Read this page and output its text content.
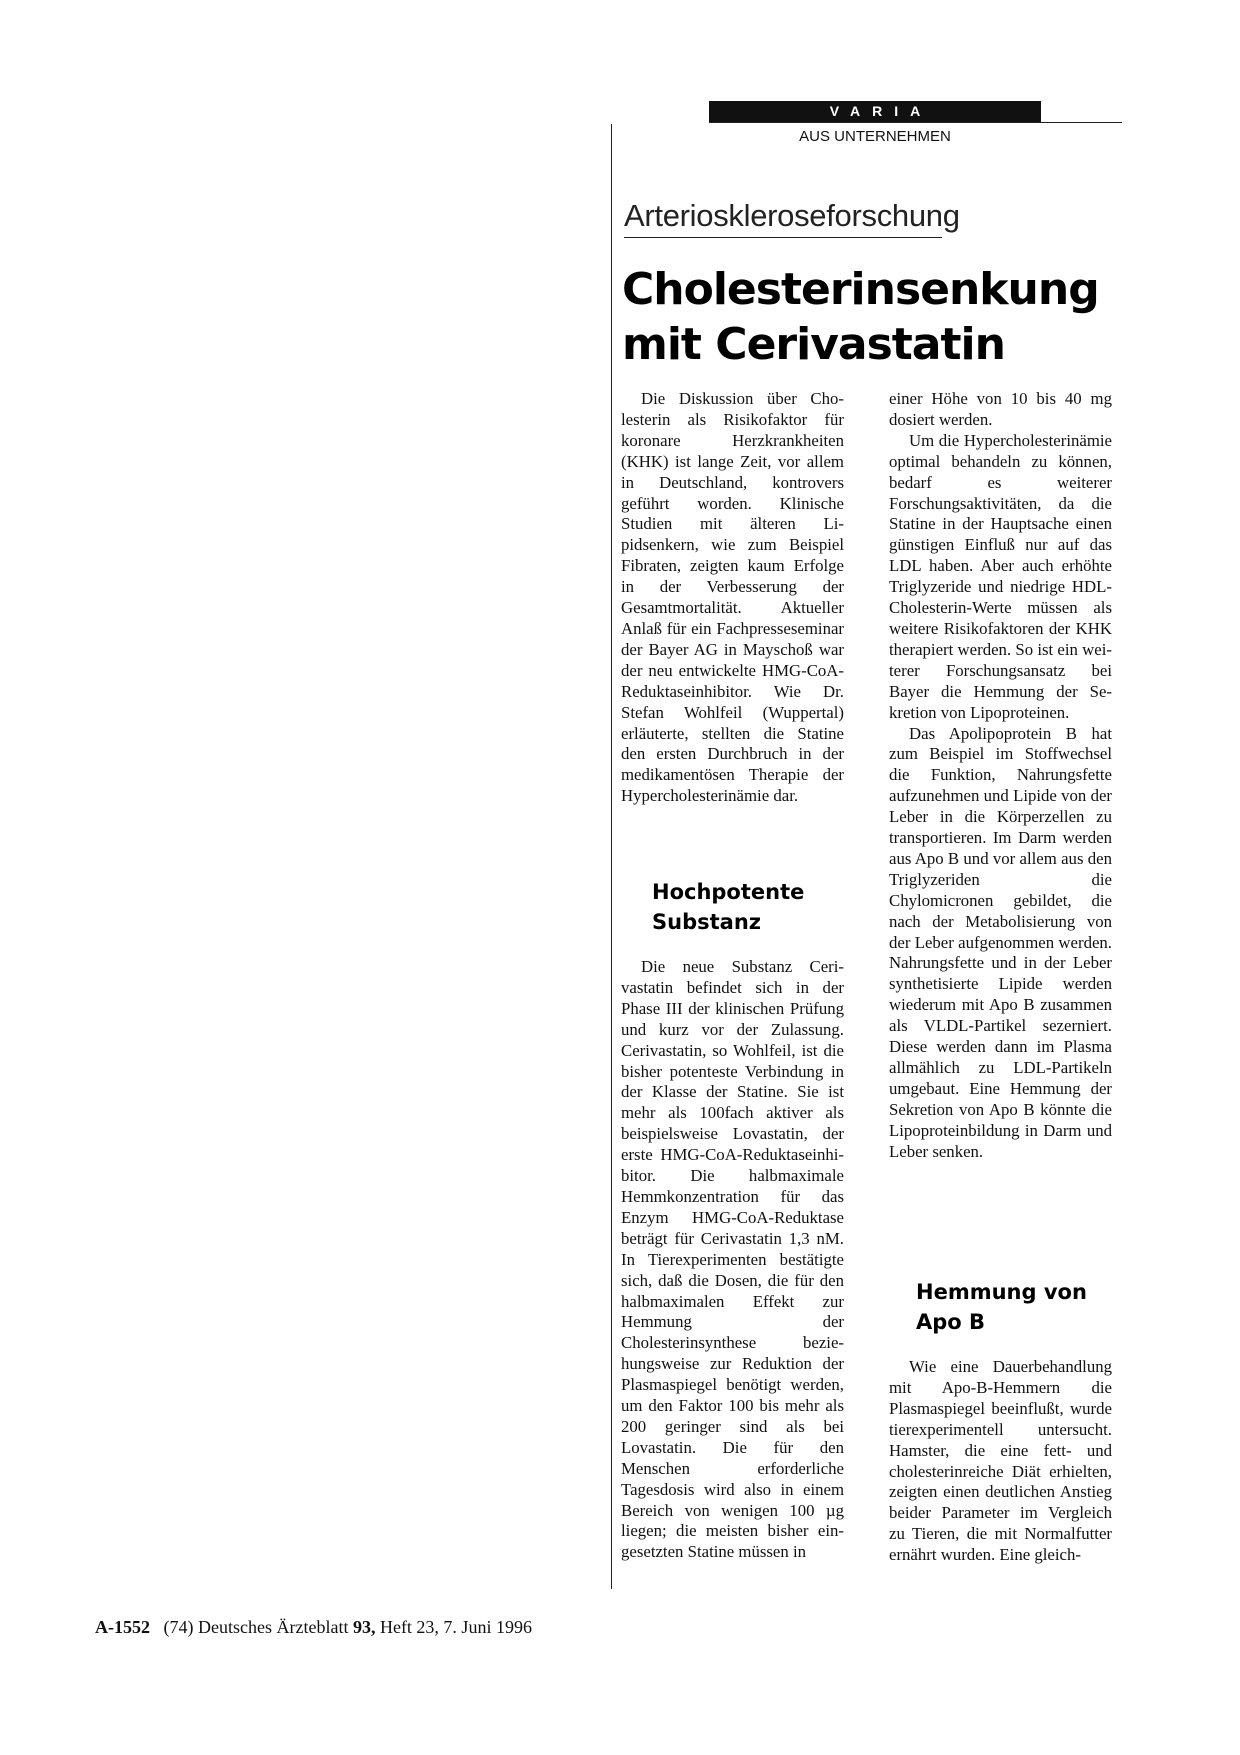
VARIA
AUS UNTERNEHMEN
Arterioskleroseforschung
Cholesterinsenkung
mit Cerivastatin

Die Diskussion über Cholesterin als Risikofaktor für koronare Herzkrankheiten (KHK) ist lange Zeit, vor allem in Deutschland, kontrovers geführt worden. Klinische Studien mit älteren Lipidsenkern, wie zum Beispiel Fibraten, zeigten kaum Erfolge in der Verbesserung der Gesamtmortalität. Aktueller Anlaß für ein Fachpresseseminar der Bayer AG in Mayschoß war der neu entwickelte HMG-CoA-Reduktaseinhibitor. Wie Dr. Stefan Wohlfeil (Wuppertal) erläuterte, stellten die Statine den ersten Durchbruch in der medikamentösen Therapie der Hypercholesterinämie dar.

Hochpotente Substanz

Die neue Substanz Cerivastatin befindet sich in der Phase III der klinischen Prüfung und kurz vor der Zulassung. Cerivastatin, so Wohlfeil, ist die bisher potenteste Verbindung in der Klasse der Statine. Sie ist mehr als 100fach aktiver als beispielsweise Lovastatin, der erste HMG-CoA-Reduktaseinhibitor. Die halbmaximale Hemmkonzentration für das Enzym HMG-CoA-Reduktase beträgt für Cerivastatin 1,3 nM. In Tierexperimenten bestätigte sich, daß die Dosen, die für den halbmaximalen Effekt zur Hemmung der Cholesterinsynthese beziehungsweise zur Reduktion der Plasmaspiegel benötigt werden, um den Faktor 100 bis mehr als 200 geringer sind als bei Lovastatin. Die für den Menschen erforderliche Tagesdosis wird also in einem Bereich von wenigen 100 µg liegen; die meisten bisher eingesetzten Statine müssen in

einer Höhe von 10 bis 40 mg dosiert werden.

Um die Hypercholesterinämie optimal behandeln zu können, bedarf es weiterer Forschungsaktivitäten, da die Statine in der Hauptsache einen günstigen Einfluß nur auf das LDL haben. Aber auch erhöhte Triglyzeride und niedrige HDL-Cholesterin-Werte müssen als weitere Risikofaktoren der KHK therapiert werden. So ist ein weiterer Forschungsansatz bei Bayer die Hemmung der Sekretion von Lipoproteinen.

Das Apolipoprotein B hat zum Beispiel im Stoffwechsel die Funktion, Nahrungsfette aufzunehmen und Lipide von der Leber in die Körperzellen zu transportieren. Im Darm werden aus Apo B und vor allem aus den Triglyzeriden die Chylomicronen gebildet, die nach der Metabolisierung von der Leber aufgenommen werden. Nahrungsfette und in der Leber synthetisierte Lipide werden wiederum mit Apo B zusammen als VLDL-Partikel sezerniert. Diese werden dann im Plasma allmählich zu LDL-Partikeln umgebaut. Eine Hemmung der Sekretion von Apo B könnte die Lipoproteinbildung in Darm und Leber senken.

Hemmung von
Apo B

Wie eine Dauerbehandlung mit Apo-B-Hemmern die Plasmaspiegel beeinflußt, wurde tierexperimentell untersucht. Hamster, die eine fett- und cholesterinreiche Diät erhielten, zeigten einen deutlichen Anstieg beider Parameter im Vergleich zu Tieren, die mit Normalfutter ernährt wurden. Eine gleich-

A-1552 (74) Deutsches Ärzteblatt 93, Heft 23, 7. Juni 1996
